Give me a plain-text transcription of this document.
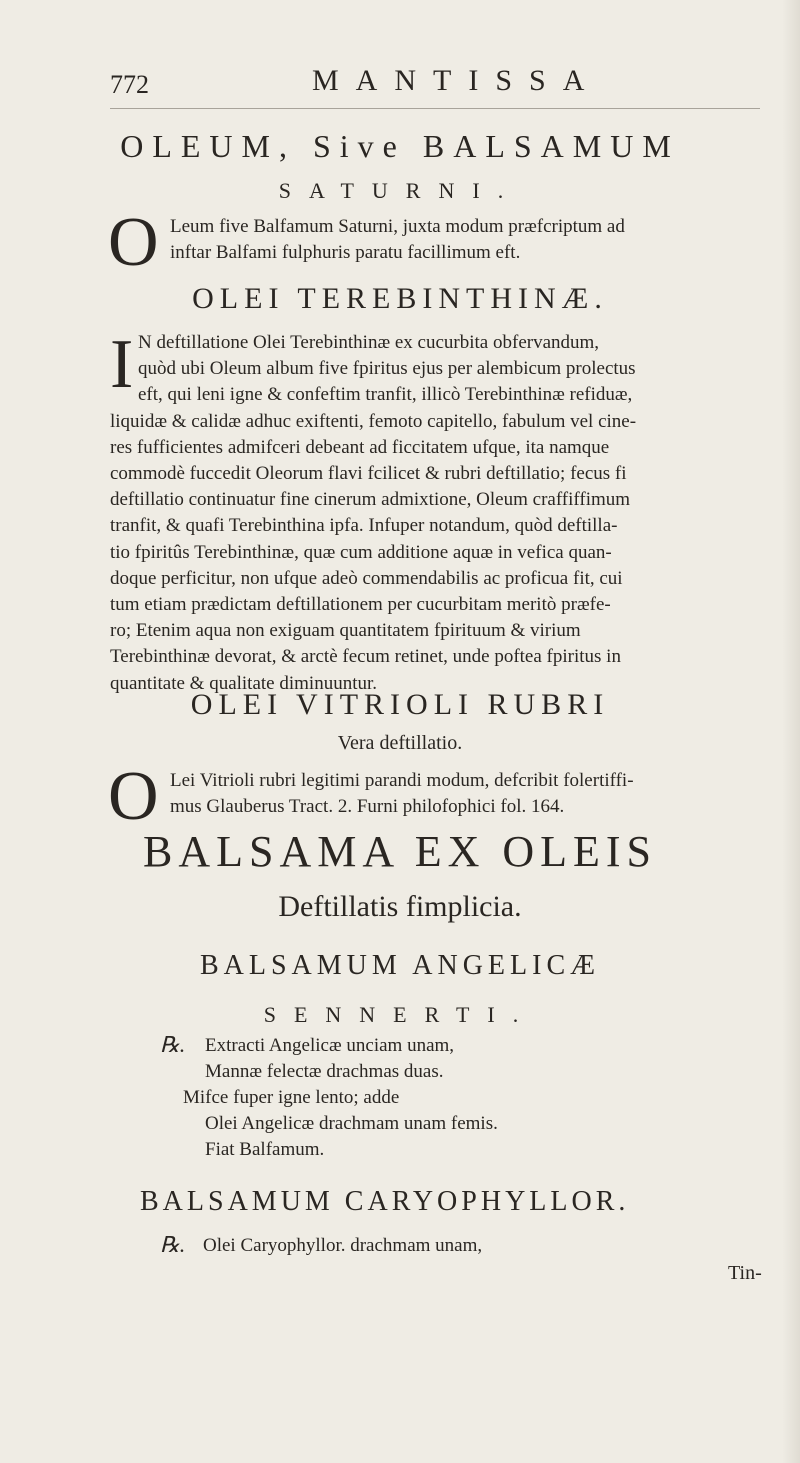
772	MANTISSA
OLEUM, Sive BALSAMUM
SATURNI.
O Leum five Balfamum Saturni, juxta modum præfcriptum ad
inftar Balfami fulphuris paratu facillimum eft.
OLEI TEREBINTHINÆ.
I N deftillatione Olei Terebinthinæ ex cucurbita obfervandum,
quòd ubi Oleum album five fpiritus ejus per alembicum prolectus
eft, qui leni igne & confeftim tranfit, illicò Terebinthinæ refiduæ,
liquidæ & calidæ adhuc exiftenti, femoto capitello, fabulum vel cine-
res fufficientes admifceri debeant ad ficcitatem ufque, ita namque
commodè fuccedit Oleorum flavi fcilicet & rubri deftillatio; fecus fi
deftillatio continuatur fine cinerum admixtione, Oleum craffiffimum
tranfit, & quafi Terebinthina ipfa. Infuper notandum, quòd deftilla-
tio fpiritûs Terebinthinæ, quæ cum additione aquæ in vefica quan-
doque perficitur, non ufque adeò commendabilis ac proficua fit, cui
tum etiam prædictam deftillationem per cucurbitam meritò præfe-
ro; Etenim aqua non exiguam quantitatem fpirituum & virium
Terebinthinæ devorat, & arctè fecum retinet, unde poftea fpiritus in
quantitate & qualitate diminuuntur.
OLEI VITRIOLI RUBRI
Vera deftillatio.
O Lei Vitrioli rubri legitimi parandi modum, defcribit folertiffi-
mus Glauberus Tract. 2. Furni philofophici fol. 164.
BALSAMA EX OLEIS
Deftillatis fimplicia.
BALSAMUM ANGELICÆ
SENNERTI.
℞. Extracti Angelicæ unciam unam,
Mannæ felectæ drachmas duas.
Mifce fuper igne lento; adde
Olei Angelicæ drachmam unam femis.
Fiat Balfamum.
BALSAMUM CARYOPHYLLOR.
℞. Olei Caryophyllor. drachmam unam,
Tin-
